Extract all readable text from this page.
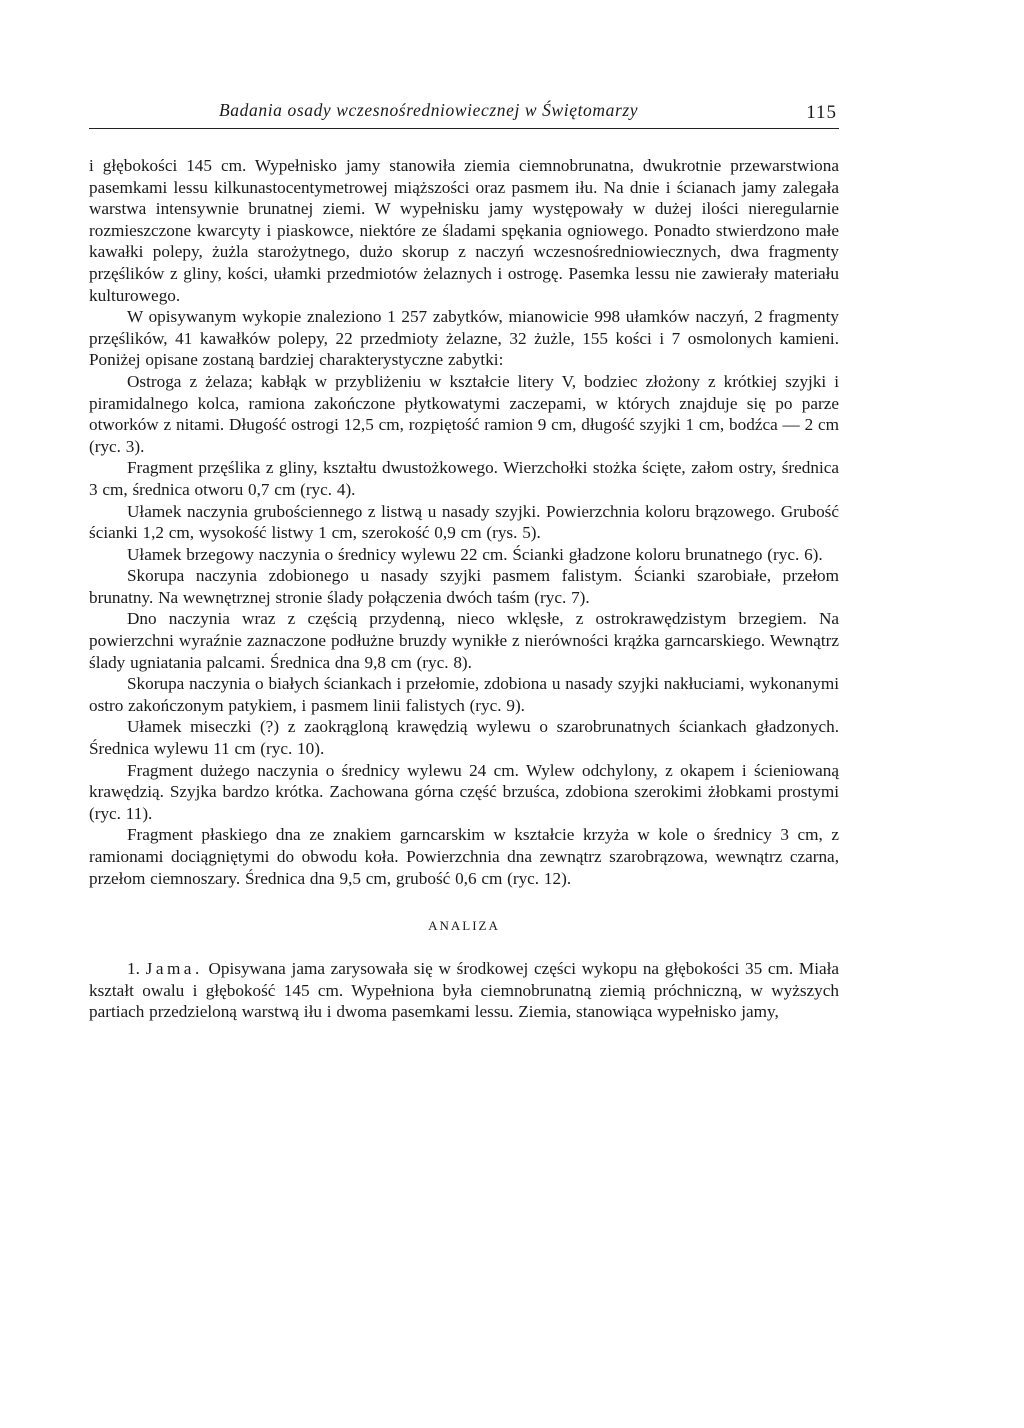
Badania osady wczesnośredniowiecznej w Świętomarzy	115

i głębokości 145 cm. Wypełnisko jamy stanowiła ziemia ciemnobrunatna, dwukrotnie przewarstwiona pasemkami lessu kilkunastocentymetrowej miąższości oraz pasmem iłu. Na dnie i ścianach jamy zalegała warstwa intensywnie brunatnej ziemi. W wypełnisku jamy występowały w dużej ilości nieregularnie rozmieszczone kwarcyty i piaskowce, niektóre ze śladami spękania ogniowego. Ponadto stwierdzono małe kawałki polepy, żużla starożytnego, dużo skorup z naczyń wczesnośredniowiecznych, dwa fragmenty przęślików z gliny, kości, ułamki przedmiotów żelaznych i ostrogę. Pasemka lessu nie zawierały materiału kulturowego.

W opisywanym wykopie znaleziono 1 257 zabytków, mianowicie 998 ułamków naczyń, 2 fragmenty przęślików, 41 kawałków polepy, 22 przedmioty żelazne, 32 żużle, 155 kości i 7 osmolonych kamieni. Poniżej opisane zostaną bardziej charakterystyczne zabytki:

Ostroga z żelaza; kabłąk w przybliżeniu w kształcie litery V, bodziec złożony z krótkiej szyjki i piramidalnego kolca, ramiona zakończone płytkowatymi zaczepami, w których znajduje się po parze otworków z nitami. Długość ostrogi 12,5 cm, rozpiętość ramion 9 cm, długość szyjki 1 cm, bodźca — 2 cm (ryc. 3).

Fragment przęślika z gliny, kształtu dwustożkowego. Wierzchołki stożka ścięte, załom ostry, średnica 3 cm, średnica otworu 0,7 cm (ryc. 4).

Ułamek naczynia grubościennego z listwą u nasady szyjki. Powierzchnia koloru brązowego. Grubość ścianki 1,2 cm, wysokość listwy 1 cm, szerokość 0,9 cm (rys. 5).

Ułamek brzegowy naczynia o średnicy wylewu 22 cm. Ścianki gładzone koloru brunatnego (ryc. 6).

Skorupa naczynia zdobionego u nasady szyjki pasmem falistym. Ścianki szarobiałe, przełom brunatny. Na wewnętrznej stronie ślady połączenia dwóch taśm (ryc. 7).

Dno naczynia wraz z częścią przydenną, nieco wklęsłe, z ostrokrawędzistym brzegiem. Na powierzchni wyraźnie zaznaczone podłużne bruzdy wynikłe z nierówności krążka garncarskiego. Wewnątrz ślady ugniatania palcami. Średnica dna 9,8 cm (ryc. 8).

Skorupa naczynia o białych ściankach i przełomie, zdobiona u nasady szyjki nakłuciami, wykonanymi ostro zakończonym patykiem, i pasmem linii falistych (ryc. 9).

Ułamek miseczki (?) z zaokrągloną krawędzią wylewu o szarobrunatnych ściankach gładzonych. Średnica wylewu 11 cm (ryc. 10).

Fragment dużego naczynia o średnicy wylewu 24 cm. Wylew odchylony, z okapem i ścieniowaną krawędzią. Szyjka bardzo krótka. Zachowana górna część brzuśca, zdobiona szerokimi żłobkami prostymi (ryc. 11).

Fragment płaskiego dna ze znakiem garncarskim w kształcie krzyża w kole o średnicy 3 cm, z ramionami dociągniętymi do obwodu koła. Powierzchnia dna zewnątrz szarobrązowa, wewnątrz czarna, przełom ciemnoszary. Średnica dna 9,5 cm, grubość 0,6 cm (ryc. 12).

ANALIZA

1. Jama. Opisywana jama zarysowała się w środkowej części wykopu na głębokości 35 cm. Miała kształt owalu i głębokość 145 cm. Wypełniona była ciemnobrunatną ziemią próchniczną, w wyższych partiach przedzieloną warstwą iłu i dwoma pasemkami lessu. Ziemia, stanowiąca wypełnisko jamy,
